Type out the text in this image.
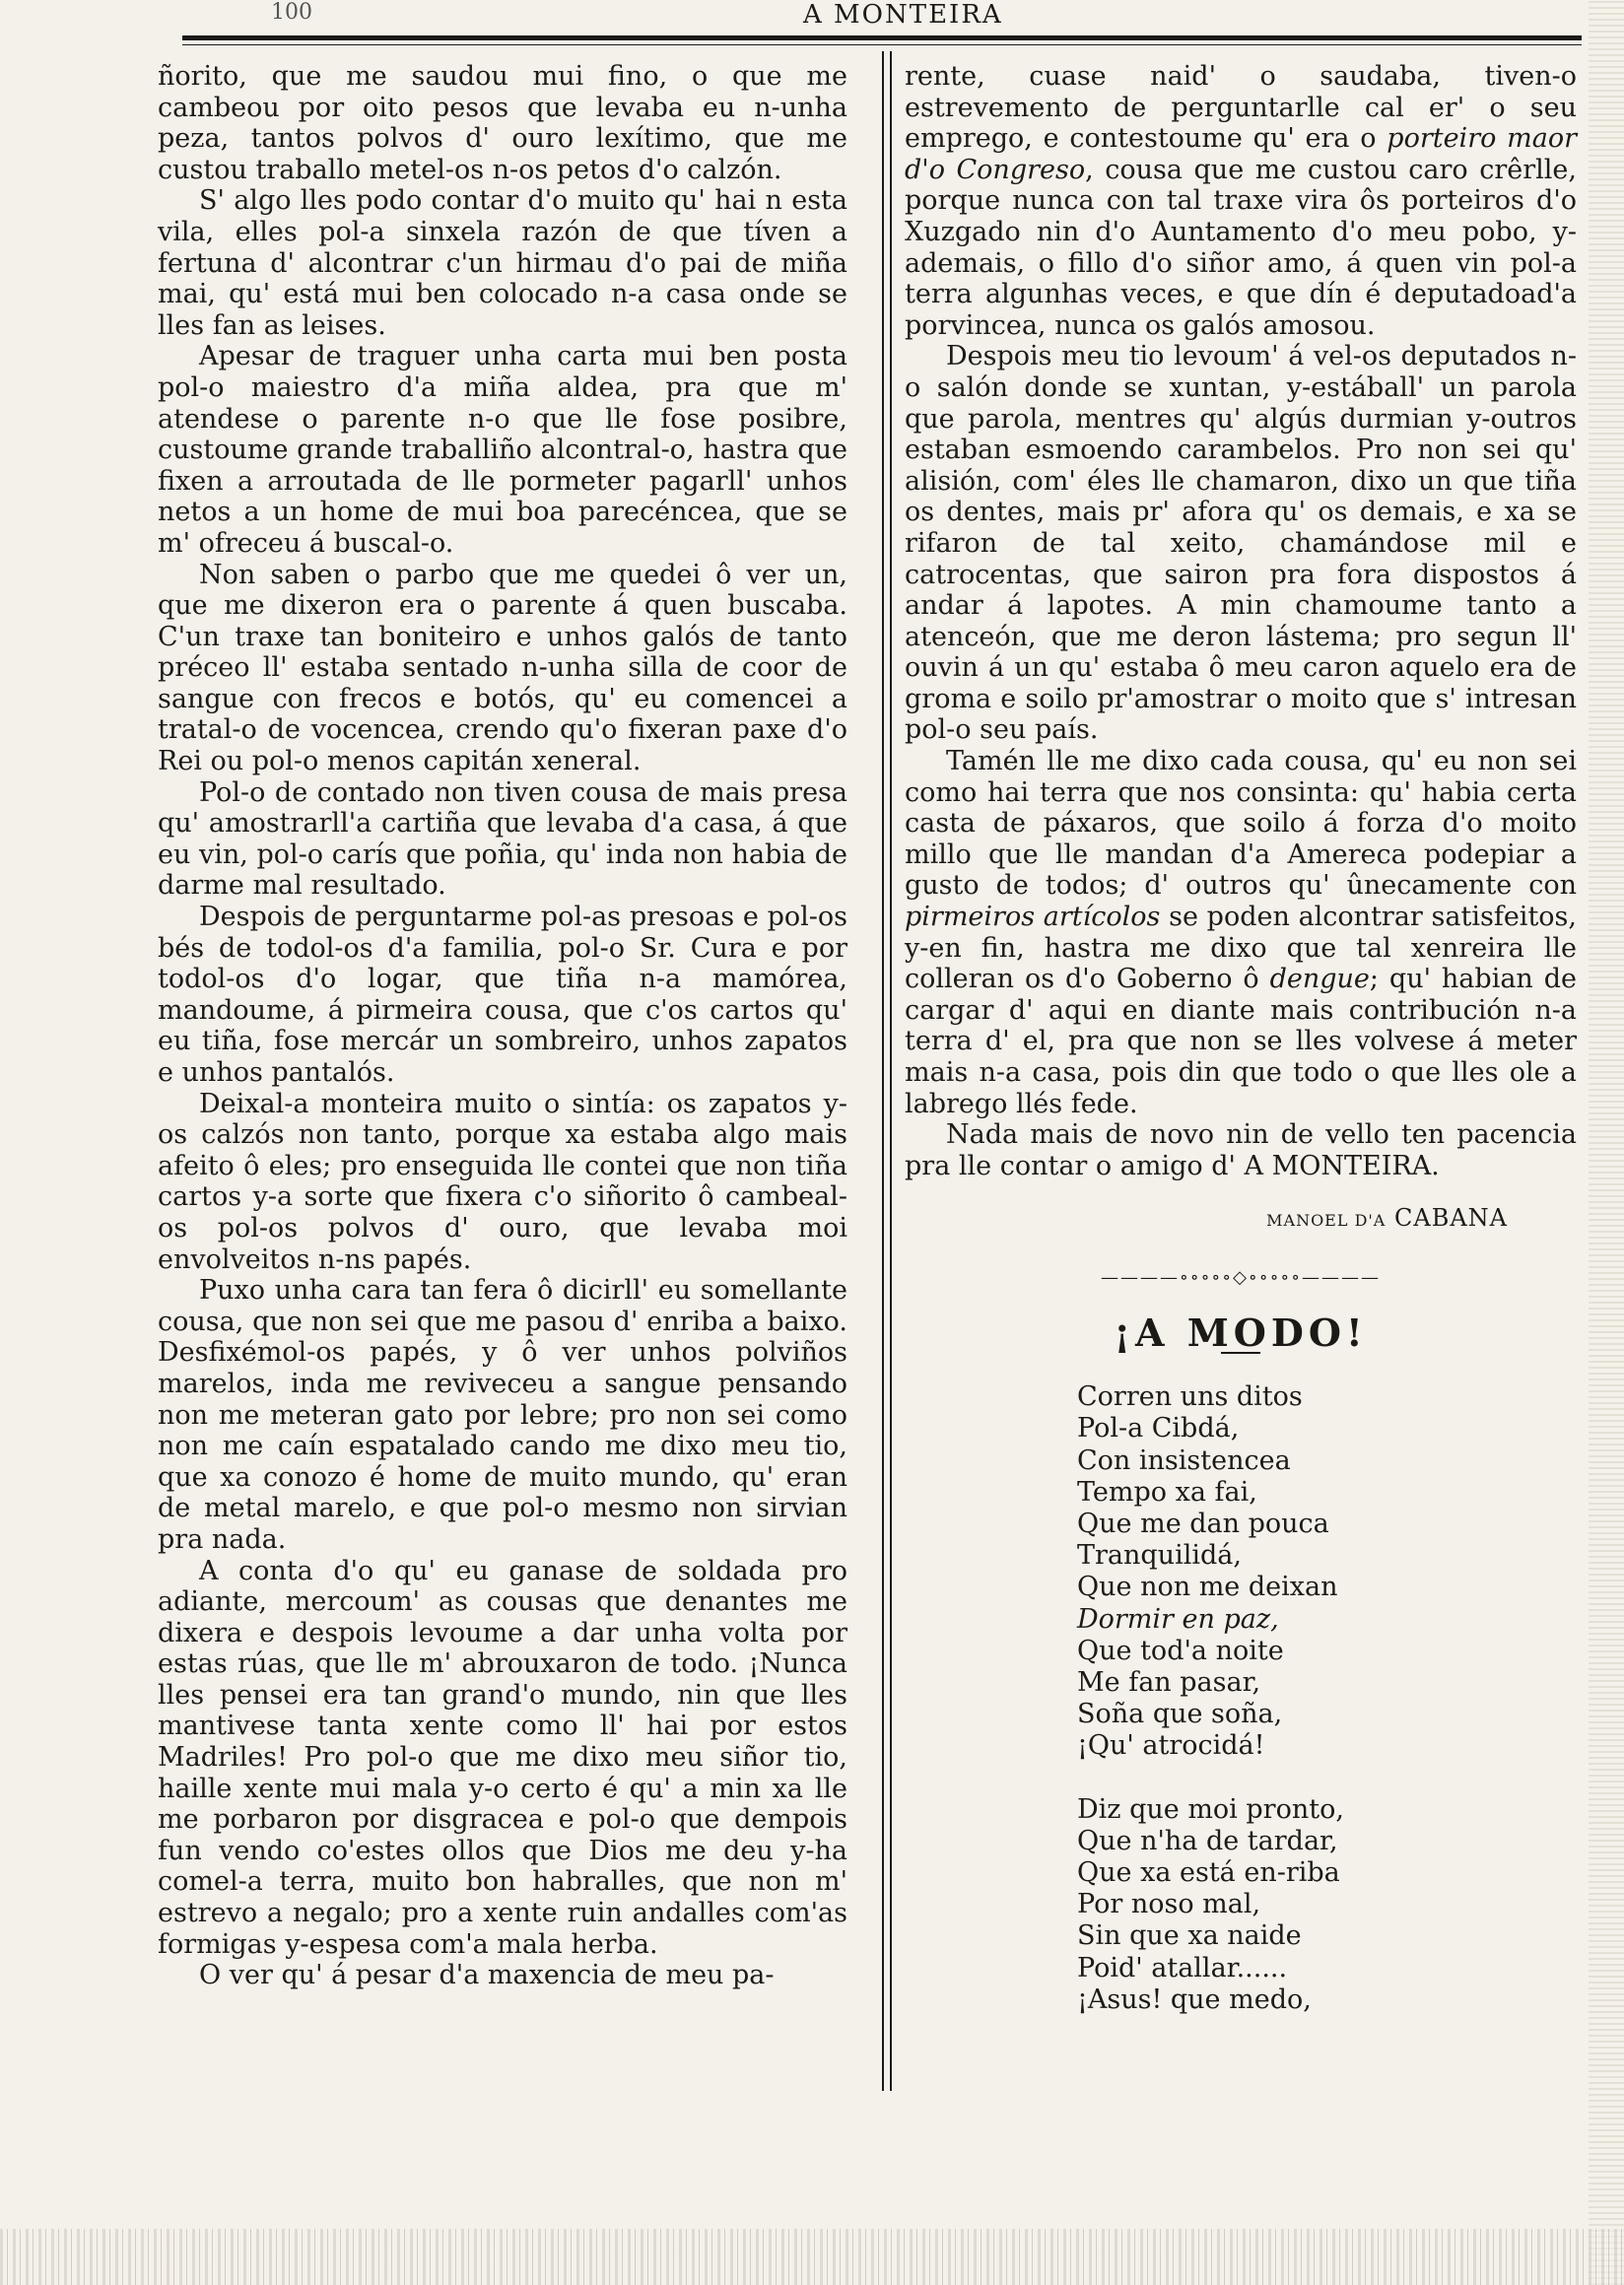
100	A MONTEIRA

ñorito, que me saudou mui fino, o que me cambeou por oito pesos que levaba eu n-unha peza, tantos polvos d' ouro lexítimo, que me custou traballo metel-os n-os petos d'o calzón.

S' algo lles podo contar d'o muito qu' hai n esta vila, elles pol-a sinxela razón de que tíven a fertuna d' alcontrar c'un hirmau d'o pai de miña mai, qu' está mui ben colocado n-a casa onde se lles fan as leises.

Apesar de traguer unha carta mui ben posta pol-o maiestro d'a miña aldea, pra que m' atendese o parente n-o que lle fose posibre, custoume grande traballiño alcontral-o, hastra que fixen a arroutada de lle pormeter pagarll' unhos netos a un home de mui boa parecéncea, que se m' ofreceu á buscal-o.

Non saben o parbo que me quedei ô ver un, que me dixeron era o parente á quen buscaba. C'un traxe tan boniteiro e unhos galós de tanto préceo ll' estaba sentado n-unha silla de coor de sangue con frecos e botós, qu' eu comencei a tratal-o de vocencea, crendo qu'o fixeran paxe d'o Rei ou pol-o menos capitán xeneral.

Pol-o de contado non tiven cousa de mais presa qu' amostrarll'a cartiña que levaba d'a casa, á que eu vin, pol-o carís que poñia, qu' inda non habia de darme mal resultado.

Despois de perguntarme pol-as presoas e pol-os bés de todol-os d'a familia, pol-o Sr. Cura e por todol-os d'o logar, que tiña n-a mamórea, mandoume, á pirmeira cousa, que c'os cartos qu' eu tiña, fose mercár un sombreiro, unhos zapatos e unhos pantalós.

Deixal-a monteira muito o sintía: os zapatos y-os calzós non tanto, porque xa estaba algo mais afeito ô eles; pro enseguida lle contei que non tiña cartos y-a sorte que fixera c'o siñorito ô cambeal-os pol-os polvos d' ouro, que levaba moi envolveitos n-ns papés.

Puxo unha cara tan fera ô dicirll' eu somellante cousa, que non sei que me pasou d' enriba a baixo. Desfixémol-os papés, y ô ver unhos polviños marelos, inda me reviveceu a sangue pensando non me meteran gato por lebre; pro non sei como non me caín espatalado cando me dixo meu tio, que xa conozo é home de muito mundo, qu' eran de metal marelo, e que pol-o mesmo non sirvian pra nada.

A conta d'o qu' eu ganase de soldada pro adiante, mercoum' as cousas que denantes me dixera e despois levoume a dar unha volta por estas rúas, que lle m' abrouxaron de todo. ¡Nunca lles pensei era tan grand'o mundo, nin que lles mantivese tanta xente como ll' hai por estos Madriles! Pro pol-o que me dixo meu siñor tio, haille xente mui mala y-o certo é qu' a min xa lle me porbaron por disgracea e pol-o que dempois fun vendo co'estes ollos que Dios me deu y-ha comel-a terra, muito bon habralles, que non m' estrevo a negalo; pro a xente ruin andalles com'as formigas y-espesa com'a mala herba.

O ver qu' á pesar d'a maxencia de meu pa-

rente, cuase naid' o saudaba, tiven-o estrevemento de perguntarlle cal er' o seu emprego, e contestoume qu' era o porteiro maor d'o Congreso, cousa que me custou caro crêrlle, porque nunca con tal traxe vira ôs porteiros d'o Xuzgado nin d'o Auntamento d'o meu pobo, y-ademais, o fillo d'o siñor amo, á quen vin pol-a terra algunhas veces, e que dín é deputadoad'a porvincea, nunca os galós amosou.

Despois meu tio levoum' á vel-os deputados n-o salón donde se xuntan, y-estáball' un parola que parola, mentres qu' algús durmian y-outros estaban esmoendo carambelos. Pro non sei qu' alisión, com' éles lle chamaron, dixo un que tiña os dentes, mais pr' afora qu' os demais, e xa se rifaron de tal xeito, chamándose mil e catrocentas, que sairon pra fora dispostos á andar á lapotes. A min chamoume tanto a atenceón, que me deron lástema; pro segun ll' ouvin á un qu' estaba ô meu caron aquelo era de groma e soilo pr'amostrar o moito que s' intresan pol-o seu país.

Tamén lle me dixo cada cousa, qu' eu non sei como hai terra que nos consinta: qu' habia certa casta de páxaros, que soilo á forza d'o moito millo que lle mandan d'a Amereca podepiar a gusto de todos; d' outros qu' ûnecamente con pirmeiros artícolos se poden alcontrar satisfeitos, y-en fin, hastra me dixo que tal xenreira lle colleran os d'o Goberno ô dengue; qu' habian de cargar d' aqui en diante mais contribución n-a terra d' el, pra que non se lles volvese á meter mais n-a casa, pois din que todo o que lles ole a labrego llés fede.

Nada mais de novo nin de vello ten pacencia pra lle contar o amigo d' A MONTEIRA.

MANOEL D'A CABANA
————∘∘∘∘∘◇∘∘∘∘∘————
¡A MODO!
Corren uns ditos
Pol-a Cibdá,
Con insistencea
Tempo xa fai,
Que me dan pouca
Tranquilidá,
Que non me deixan
Dormir en paz,
Que tod'a noite
Me fan pasar,
Soña que soña,
¡Qu' atrocidá!
Diz que moi pronto,
Que n'ha de tardar,
Que xa está en-riba
Por noso mal,
Sin que xa naide
Poid' atallar......
¡Asus! que medo,
